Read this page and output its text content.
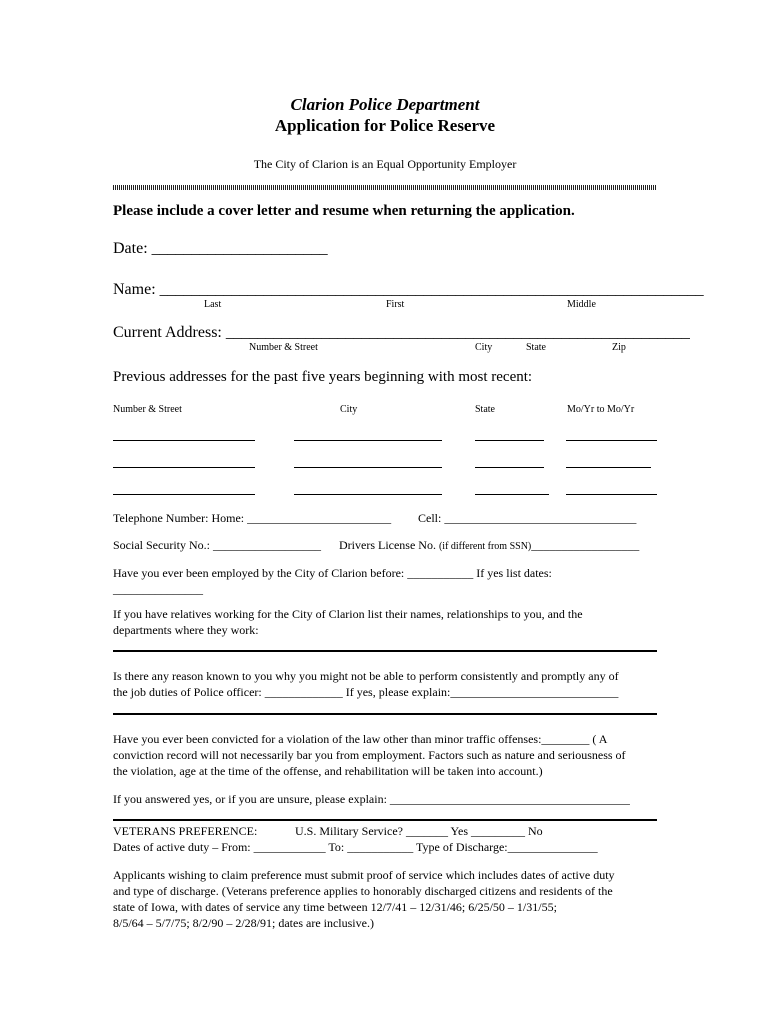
Clarion Police Department
Application for Police Reserve
The City of Clarion is an Equal Opportunity Employer
Please include a cover letter and resume when returning the application.
Date: ______________________
Name: ____________________________________________________________________
Last	First	Middle
Current Address: __________________________________________________________
Number & Street	City	State	Zip
Previous addresses for the past five years beginning with most recent:
Number & Street	City	State	Mo/Yr to Mo/Yr
Telephone Number: Home: ________________________ Cell: ________________________________
Social Security No.: __________________ Drivers License No. (if different from SSN)__________________
Have you ever been employed by the City of Clarion before: ___________ If yes list dates:
_______________
If you have relatives working for the City of Clarion list their names, relationships to you, and the
departments where they work:
Is there any reason known to you why you might not be able to perform consistently and promptly any of
the job duties of Police officer: _____________ If yes, please explain:____________________________
Have you ever been convicted for a violation of the law other than minor traffic offenses:________ ( A
conviction record will not necessarily bar you from employment. Factors such as nature and seriousness of
the violation, age at the time of the offense, and rehabilitation will be taken into account.)
If you answered yes, or if you are unsure, please explain: ________________________________________
VETERANS PREFERENCE:	U.S. Military Service? _______ Yes _________ No
Dates of active duty – From: ____________ To: ___________ Type of Discharge:_______________
Applicants wishing to claim preference must submit proof of service which includes dates of active duty
and type of discharge. (Veterans preference applies to honorably discharged citizens and residents of the
state of Iowa, with dates of service any time between 12/7/41 – 12/31/46; 6/25/50 – 1/31/55;
8/5/64 – 5/7/75; 8/2/90 – 2/28/91; dates are inclusive.)
